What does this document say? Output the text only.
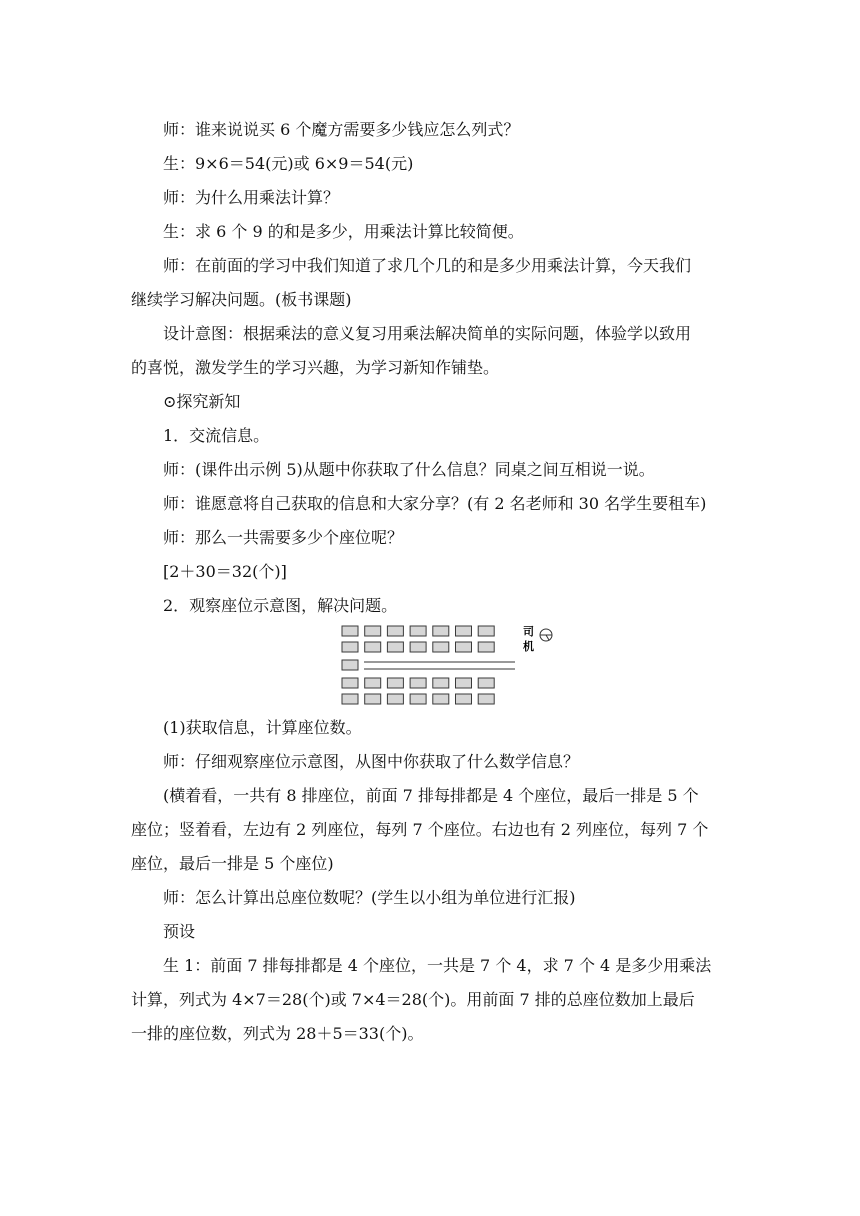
师：谁来说说买 6 个魔方需要多少钱应怎么列式？
生：9×6＝54(元)或 6×9＝54(元)
师：为什么用乘法计算？
生：求 6 个 9 的和是多少，用乘法计算比较简便。
师：在前面的学习中我们知道了求几个几的和是多少用乘法计算，今天我们
继续学习解决问题。(板书课题)
设计意图：根据乘法的意义复习用乘法解决简单的实际问题，体验学以致用
的喜悦，激发学生的学习兴趣，为学习新知作铺垫。
⊙探究新知
1．交流信息。
师：(课件出示例 5)从题中你获取了什么信息？同桌之间互相说一说。
师：谁愿意将自己获取的信息和大家分享？(有 2 名老师和 30 名学生要租车)
师：那么一共需要多少个座位呢？
[2＋30＝32(个)]
2．观察座位示意图，解决问题。
司
机
(1)获取信息，计算座位数。
师：仔细观察座位示意图，从图中你获取了什么数学信息？
(横着看，一共有 8 排座位，前面 7 排每排都是 4 个座位，最后一排是 5 个
座位；竖着看，左边有 2 列座位，每列 7 个座位。右边也有 2 列座位，每列 7 个
座位，最后一排是 5 个座位)
师：怎么计算出总座位数呢？(学生以小组为单位进行汇报)
预设
生 1：前面 7 排每排都是 4 个座位，一共是 7 个 4，求 7 个 4 是多少用乘法
计算，列式为 4×7＝28(个)或 7×4＝28(个)。用前面 7 排的总座位数加上最后
一排的座位数，列式为 28＋5＝33(个)。
